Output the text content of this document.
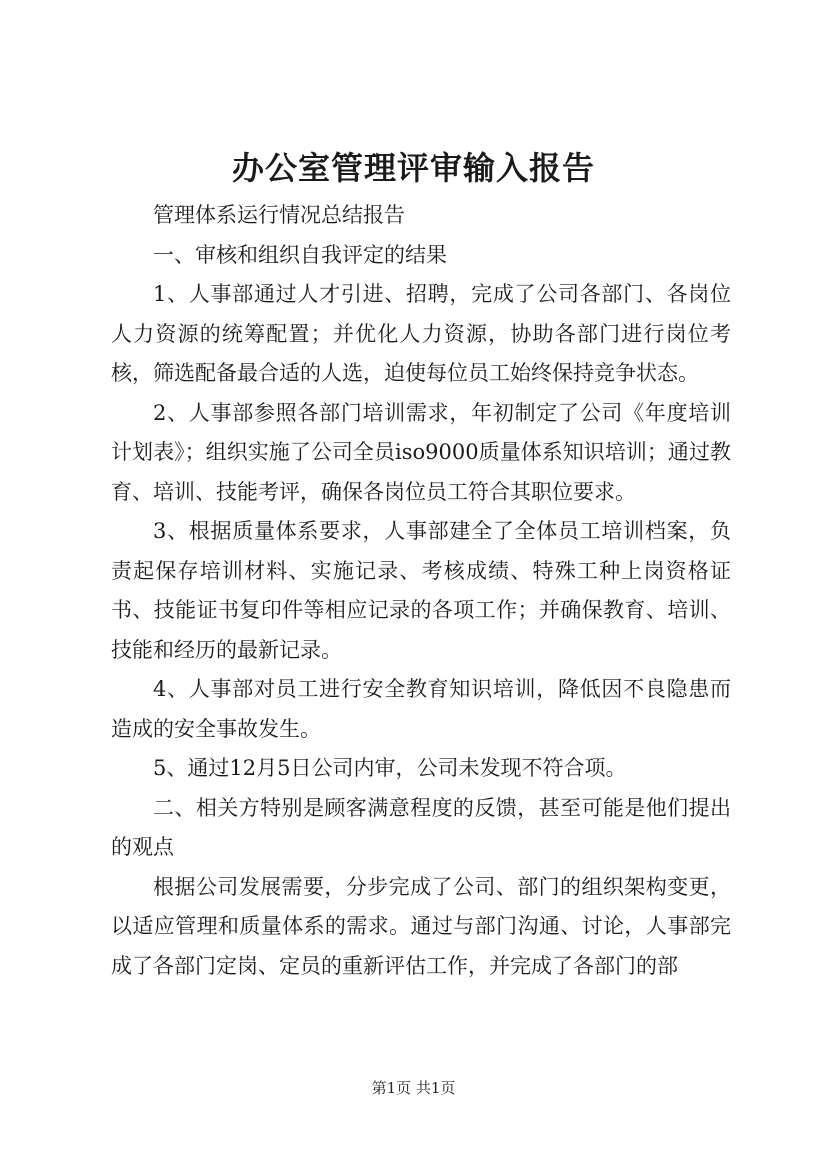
办公室管理评审输入报告

管理体系运行情况总结报告

一、审核和组织自我评定的结果

1、人事部通过人才引进、招聘，完成了公司各部门、各岗位人力资源的统筹配置；并优化人力资源，协助各部门进行岗位考核，筛选配备最合适的人选，迫使每位员工始终保持竞争状态。

2、人事部参照各部门培训需求，年初制定了公司《年度培训计划表》；组织实施了公司全员iso9000质量体系知识培训；通过教育、培训、技能考评，确保各岗位员工符合其职位要求。

3、根据质量体系要求，人事部建全了全体员工培训档案，负责起保存培训材料、实施记录、考核成绩、特殊工种上岗资格证书、技能证书复印件等相应记录的各项工作；并确保教育、培训、技能和经历的最新记录。

4、人事部对员工进行安全教育知识培训，降低因不良隐患而造成的安全事故发生。

5、通过12月5日公司内审，公司未发现不符合项。

二、相关方特别是顾客满意程度的反馈，甚至可能是他们提出的观点

根据公司发展需要，分步完成了公司、部门的组织架构变更，以适应管理和质量体系的需求。通过与部门沟通、讨论，人事部完成了各部门定岗、定员的重新评估工作，并完成了各部门的部

第1页 共1页
